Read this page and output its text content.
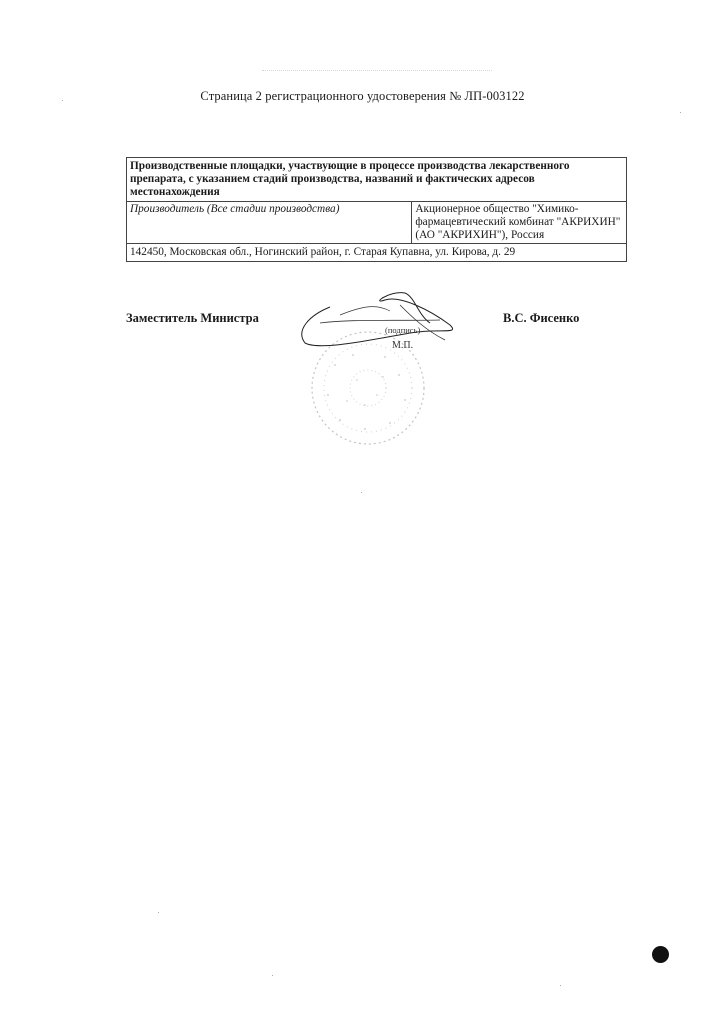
Страница 2 регистрационного удостоверения № ЛП-003122
Производственные площадки, участвующие в процессе производства лекарственного препарата, с указанием стадий производства, названий и фактических адресов местонахождения
Производитель (Все стадии производства)	Акционерное общество "Химико-фармацевтический комбинат "АКРИХИН" (АО "АКРИХИН"), Россия
142450, Московская обл., Ногинский район, г. Старая Купавна, ул. Кирова, д. 29
Заместитель Министра	В.С. Фисенко
(подпись)
М.П.
